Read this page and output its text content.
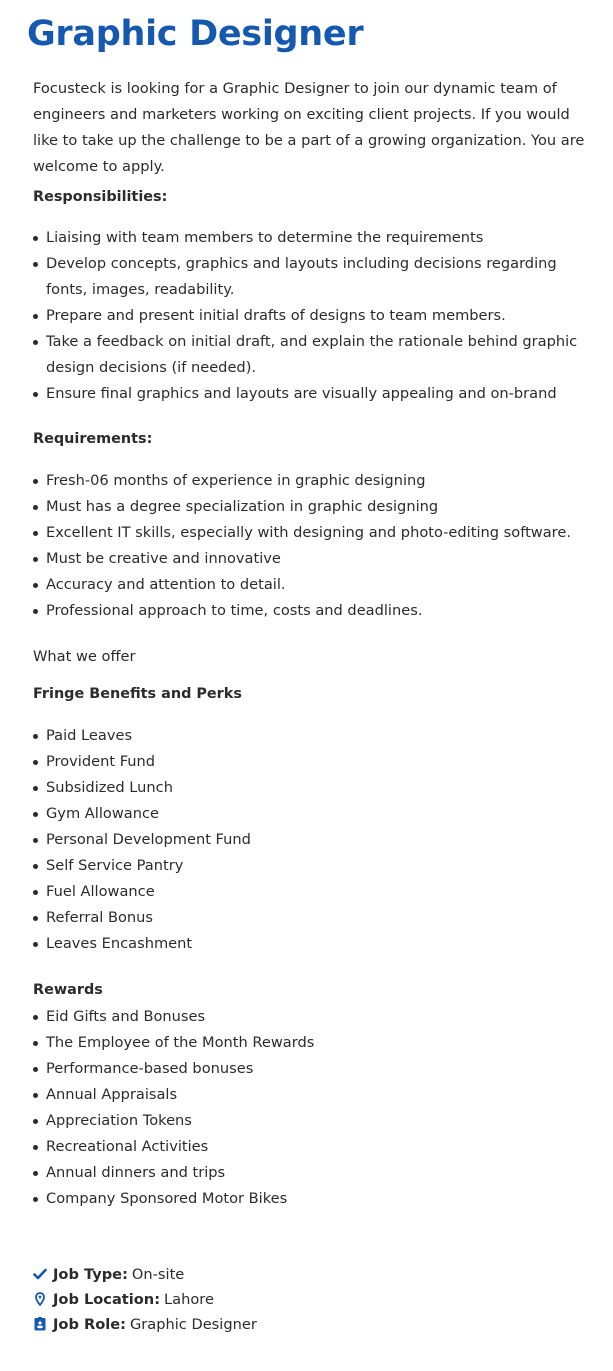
Graphic Designer

Focusteck is looking for a Graphic Designer to join our dynamic team of engineers and marketers working on exciting client projects. If you would like to take up the challenge to be a part of a growing organization. You are welcome to apply.

Responsibilities:

Liaising with team members to determine the requirements
Develop concepts, graphics and layouts including decisions regarding fonts, images, readability.
Prepare and present initial drafts of designs to team members.
Take a feedback on initial draft, and explain the rationale behind graphic design decisions (if needed).
Ensure final graphics and layouts are visually appealing and on-brand

Requirements:

Fresh-06 months of experience in graphic designing
Must has a degree specialization in graphic designing
Excellent IT skills, especially with designing and photo-editing software.
Must be creative and innovative
Accuracy and attention to detail.
Professional approach to time, costs and deadlines.

What we offer

Fringe Benefits and Perks

Paid Leaves
Provident Fund
Subsidized Lunch
Gym Allowance
Personal Development Fund
Self Service Pantry
Fuel Allowance
Referral Bonus
Leaves Encashment

Rewards

Eid Gifts and Bonuses
The Employee of the Month Rewards
Performance-based bonuses
Annual Appraisals
Appreciation Tokens
Recreational Activities
Annual dinners and trips
Company Sponsored Motor Bikes
Job Type: On-site
Job Location: Lahore
Job Role: Graphic Designer
